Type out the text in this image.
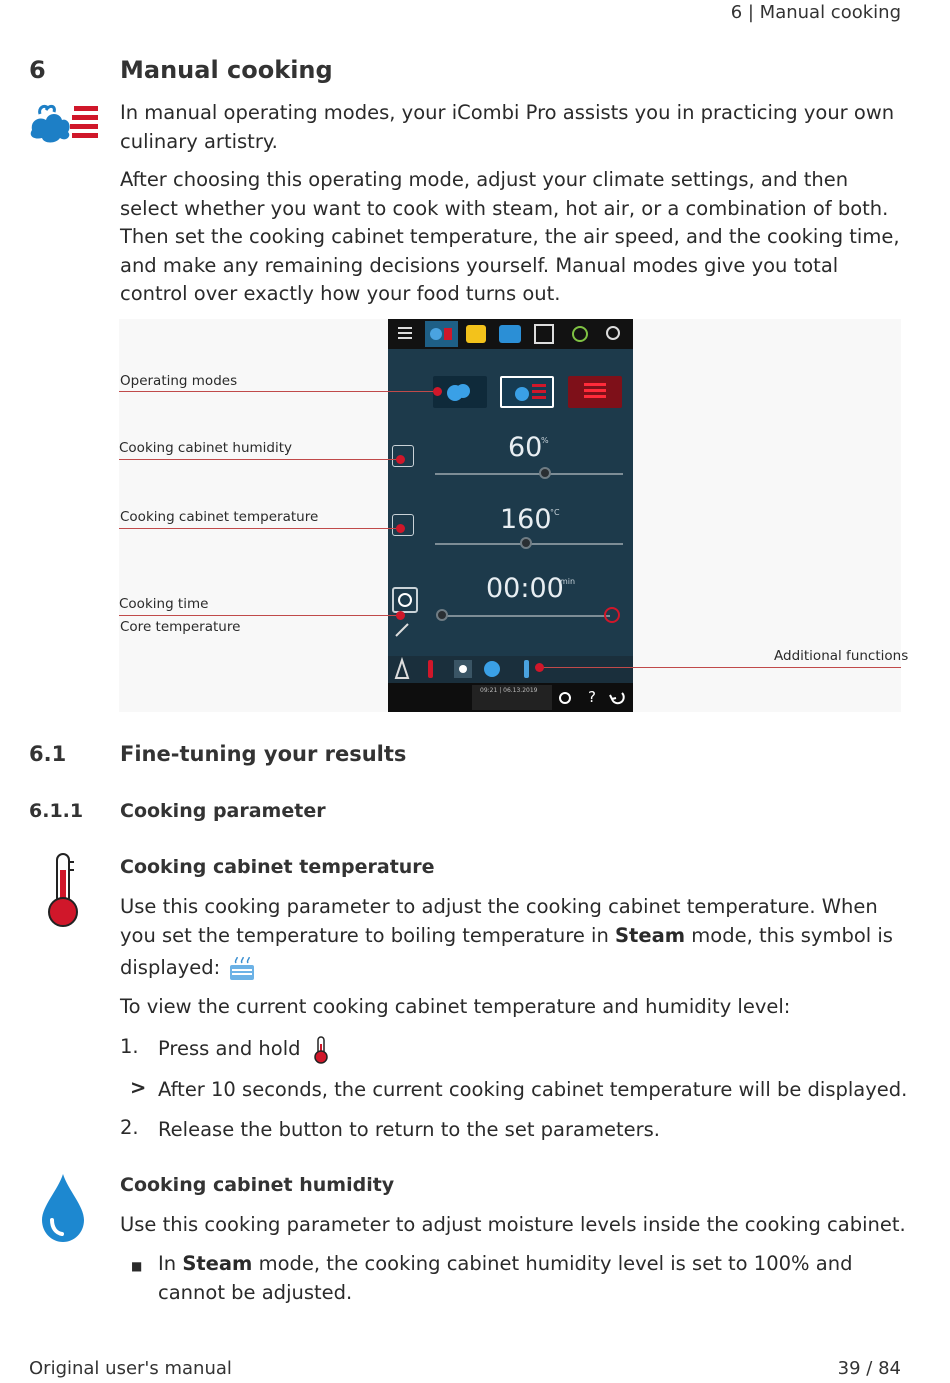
6 | Manual cooking
6	Manual cooking
In manual operating modes, your iCombi Pro assists you in practicing your own culinary artistry.
After choosing this operating mode, adjust your climate settings, and then select whether you want to cook with steam, hot air, or a combination of both. Then set the cooking cabinet temperature, the air speed, and the cooking time, and make any remaining decisions yourself. Manual modes give you total control over exactly how your food turns out.
60
%
160
°C
00:00
min
09:21 | 06.13.2019	?
Operating modes
Cooking cabinet humidity
Cooking cabinet temperature
Cooking time
Core temperature
Additional functions
6.1	Fine-tuning your results
6.1.1 Cooking parameter
Cooking cabinet temperature
Use this cooking parameter to adjust the cooking cabinet temperature. When you set the temperature to boiling temperature in Steam mode, this symbol is
displayed:
To view the current cooking cabinet temperature and humidity level:
1. Press and hold
> After 10 seconds, the current cooking cabinet temperature will be displayed.
2. Release the button to return to the set parameters.
Cooking cabinet humidity
Use this cooking parameter to adjust moisture levels inside the cooking cabinet.
■ In Steam mode, the cooking cabinet humidity level is set to 100% and cannot be adjusted.
Original user's manual	39 / 84
